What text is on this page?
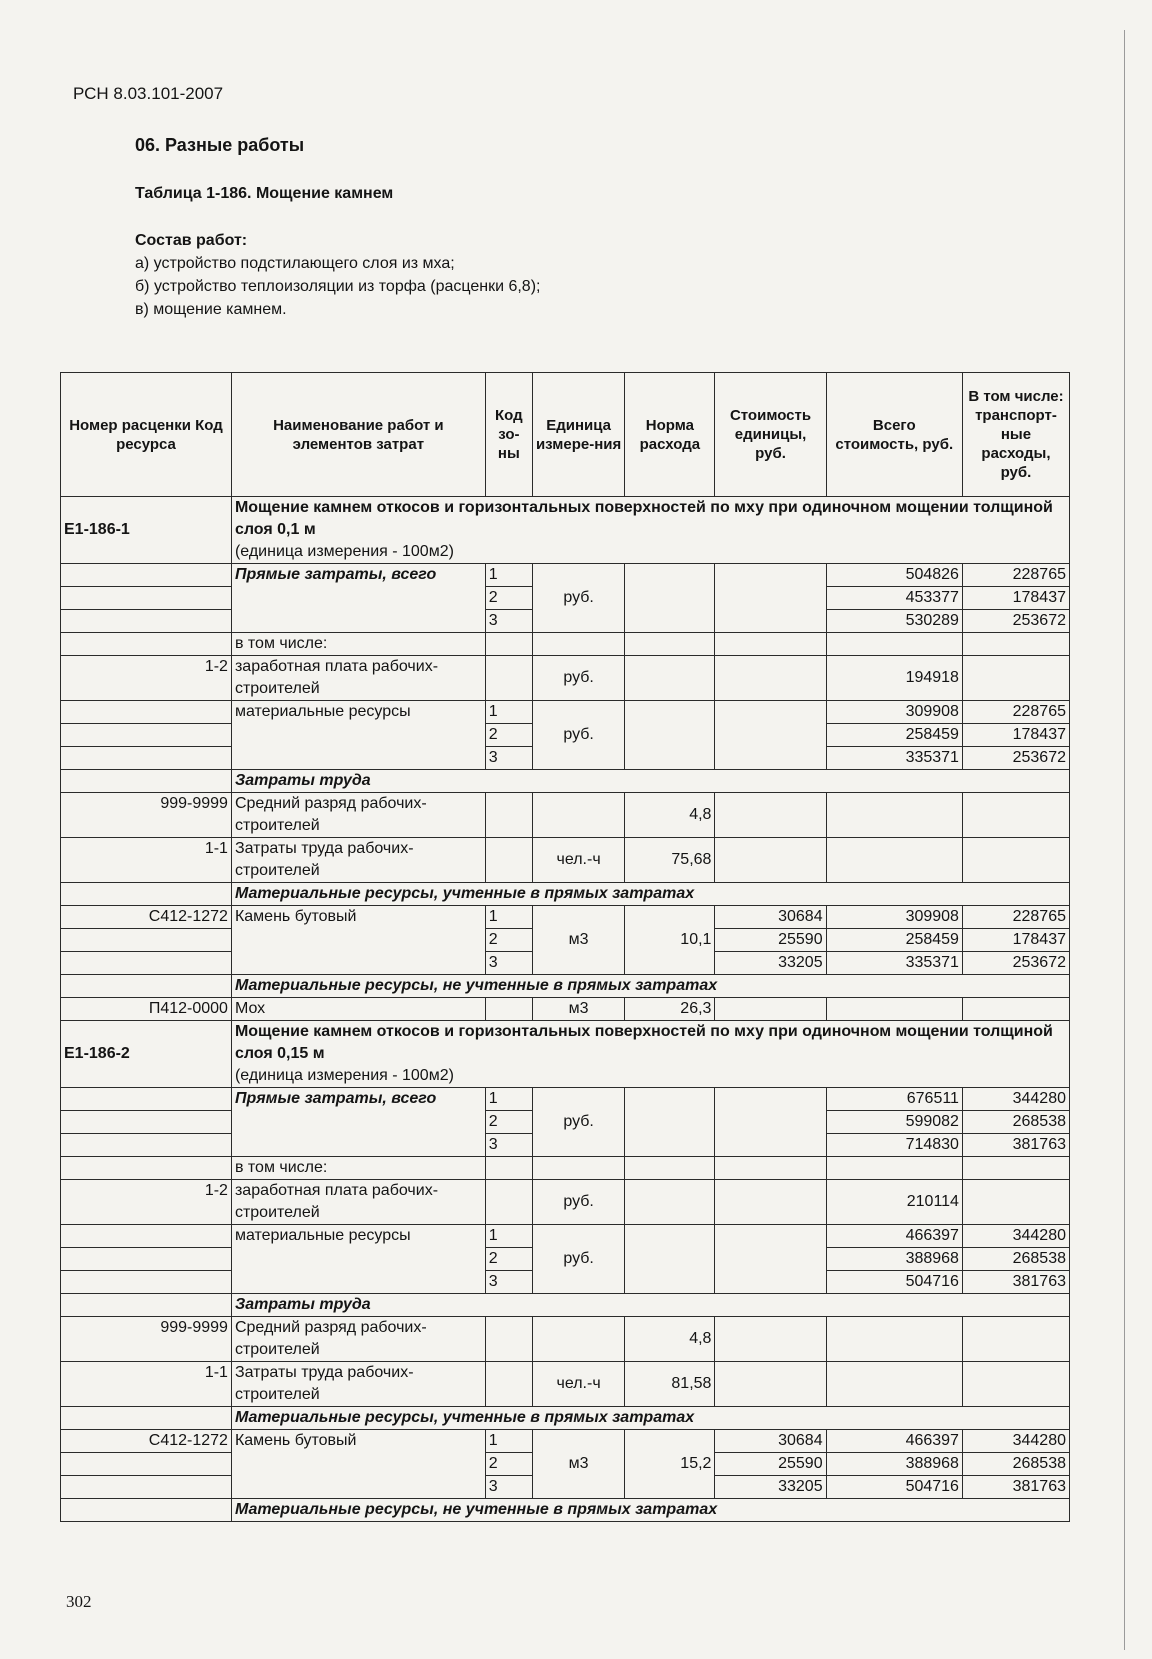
РСН 8.03.101-2007
06. Разные работы
Таблица 1-186. Мощение камнем
Состав работ:
а) устройство подстилающего слоя из мха;
б) устройство теплоизоляции из торфа (расценки 6,8);
в) мощение камнем.
Номер расценки Код ресурса	Наименование работ и элементов затрат	Код зо-ны	Единица измере-ния	Норма расхода	Стоимость единицы, руб.	Всего стоимость, руб.	В том числе: транспорт-ные расходы, руб.
Е1-186-1	Мощение камнем откосов и горизонтальных поверхностей по мху при одиночном мощении толщиной слоя 0,1 м
(единица измерения - 100м2)						
	Прямые затраты, всего	1	руб.			504826	228765
		2				453377	178437
		3				530289	253672
	в том числе:						
1-2	заработная плата рабочих-строителей		руб.			194918	
	материальные ресурсы	1	руб.			309908	228765
		2				258459	178437
		3				335371	253672
	Затраты труда						
999-9999	Средний разряд рабочих-строителей			4,8			
1-1	Затраты труда рабочих-строителей		чел.-ч	75,68			
	Материальные ресурсы, учтенные в прямых затратах						
С412-1272	Камень бутовый	1	м3	10,1	30684	309908	228765
		2			25590	258459	178437
		3			33205	335371	253672
	Материальные ресурсы, не учтенные в прямых затратах						
П412-0000	Мох		м3	26,3			
Е1-186-2	Мощение камнем откосов и горизонтальных поверхностей по мху при одиночном мощении толщиной слоя 0,15 м
(единица измерения - 100м2)						
	Прямые затраты, всего	1	руб.			676511	344280
		2				599082	268538
		3				714830	381763
	в том числе:						
1-2	заработная плата рабочих-строителей		руб.			210114	
	материальные ресурсы	1	руб.			466397	344280
		2				388968	268538
		3				504716	381763
	Затраты труда						
999-9999	Средний разряд рабочих-строителей			4,8			
1-1	Затраты труда рабочих-строителей		чел.-ч	81,58			
	Материальные ресурсы, учтенные в прямых затратах						
С412-1272	Камень бутовый	1	м3	15,2	30684	466397	344280
		2			25590	388968	268538
		3			33205	504716	381763
	Материальные ресурсы, не учтенные в прямых затратах						
302
